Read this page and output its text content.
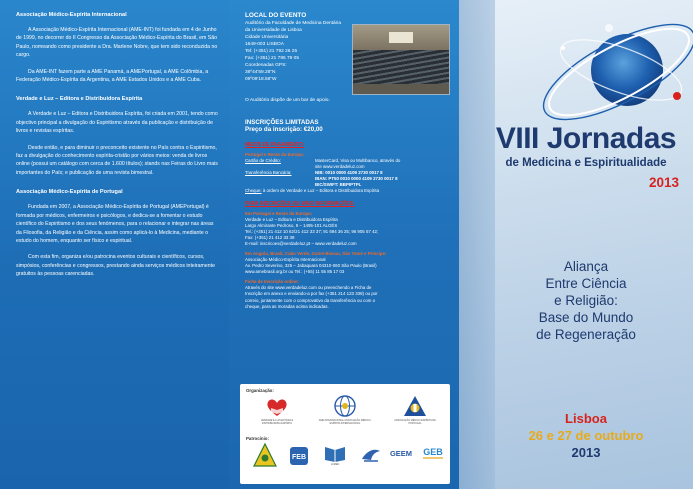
Associação Médico-Espírita Internacional

A Associação Médico-Espírita Internacional (AME-INT) foi fundada em 4 de Junho de 1999, no decorrer do II Congresso da Associação Médico-Espírita do Brasil, em São Paulo, nomeando como presidente a Dra. Marlene Nobre, que tem sido reconduzida no cargo.

Da AME-INT fazem parte a AME Panamá, a AMEPortugal, a AME Colômbia, a Federação Médico-Espírita da Argentina, a AME Estados Unidos e a AME Cuba.

Verdade e Luz – Editora e Distribuidora Espírita

A Verdade e Luz – Editora e Distribuidora Espírita, foi criada em 2001, tendo como objectivo principal a divulgação do Espiritismo através da publicação e distribuição de livros e revistas espíritas.

Desde então, e para diminuir o preconceito existente no País contra o Espiritismo, faz a divulgação do conhecimento espírita-cristão por vários meios: venda de livros online (possui um catálogo com cerca de 1.600 títulos); stands nas Feiras do Livro mais importantes do País; e publicação de uma revista bimestral.

Associação Médico-Espírita de Portugal

Fundada em 2007, a Associação Médico-Espírita de Portugal (AMEPortugal) é formada por médicos, enfermeiros e psicólogos, e dedica-se a fomentar o estudo científico do Espiritismo e dos seus fenómenos, para o relacionar e integrar nas áreas da Filosofia, da Religião e da Ciência, assim como aplicá-lo à Medicina, mediante o estudo do homem, enquanto ser físico e espiritual.

Com esta fim, organiza e/ou patrocina eventos culturais e científicos, cursos, simpósios, conferências e congressos, prestando ainda serviços médicos inteiramente gratuitos às pessoas carenciadas.

LOCAL DO EVENTO
Auditório da Faculdade de Medicina Dentária
da Universidade de Lisboa
Cidade Universitária
1649-003 LISBOA
Tel: (+351) 21 792 26 25
Fax: (+351) 21 795 79 05
Coordenadas GPS:
38º44'59.28"N
09º09'18.58"W
O Auditório dispõe de um bar de apoio.
INSCRIÇÕES LIMITADAS
Preço da inscrição: €20,00
MEIOS DE PAGAMENTO:
Portugal e Resto da Europa:
Cartão de Crédito:	MasterCard, Visa ou Multibanco, através do
site www.verdadeluz.com
Transferência Bancária:	NIB: 0010 0000 4109 2730 0017 8
IBAN: PT50 0010 0000 4109 2730 0017 8
BIC/SWIFT: BBPIPTPL
Cheque: à ordem de Verdade e Luz – Editora e Distribuidora Espírita
PARA INSCRIÇÕES OU MAIS INFORMAÇÕES:
Em Portugal e Resto da Europa:
Verdade e Luz – Editora e Distribuidora Espírita
Largo Almirante Pedroso, 9 – 1495-101 ALGÉS
Tel.: (+351) 21 412 10 62/21 412 33 37; 91 694 36 25; 96 905 57 42;
Fax: (+351) 21 412 33 38
E-mail: inscricoes@verdadeluz.pt – www.verdadeluz.com
Em Angola, Brasil, Cabo Verde, Guiné-Bissau, São Tomé e Príncipe:
Associação Médico-Espírita Internacional
Av. Pedro Severino, 325 – Jabaquara 04310-060 São Paulo (Brasil)
www.amebrasil.org.br ou Tel.: (+55) 11 55 85 17 03
Ficha de Inscrição online:
Através do site www.verdadeluz.com ou preenchendo a Ficha de
Inscrição em anexo e enviando-a por fax (+351 214 123 338) ou por
correio, juntamente com o comprovativo da transferência ou com o
cheque, para as moradas acima indicadas.
Organização:
VERDADE E LUZ EDITORA E DISTRIBUIDORA ESPÍRITA
AME INTERNACIONAL ASSOCIAÇÃO MÉDICO-ESPÍRITA INTERNACIONAL
ASSOCIAÇÃO MÉDICO-ESPÍRITA DE PORTUGAL
Patrocínio:
FEB
LUMEN
GEEM GEB
VIII Jornadas
de Medicina e Espiritualidade
2013
Aliança
Entre Ciência
e Religião:
Base do Mundo
de Regeneração
Lisboa
26 e 27 de outubro
2013
